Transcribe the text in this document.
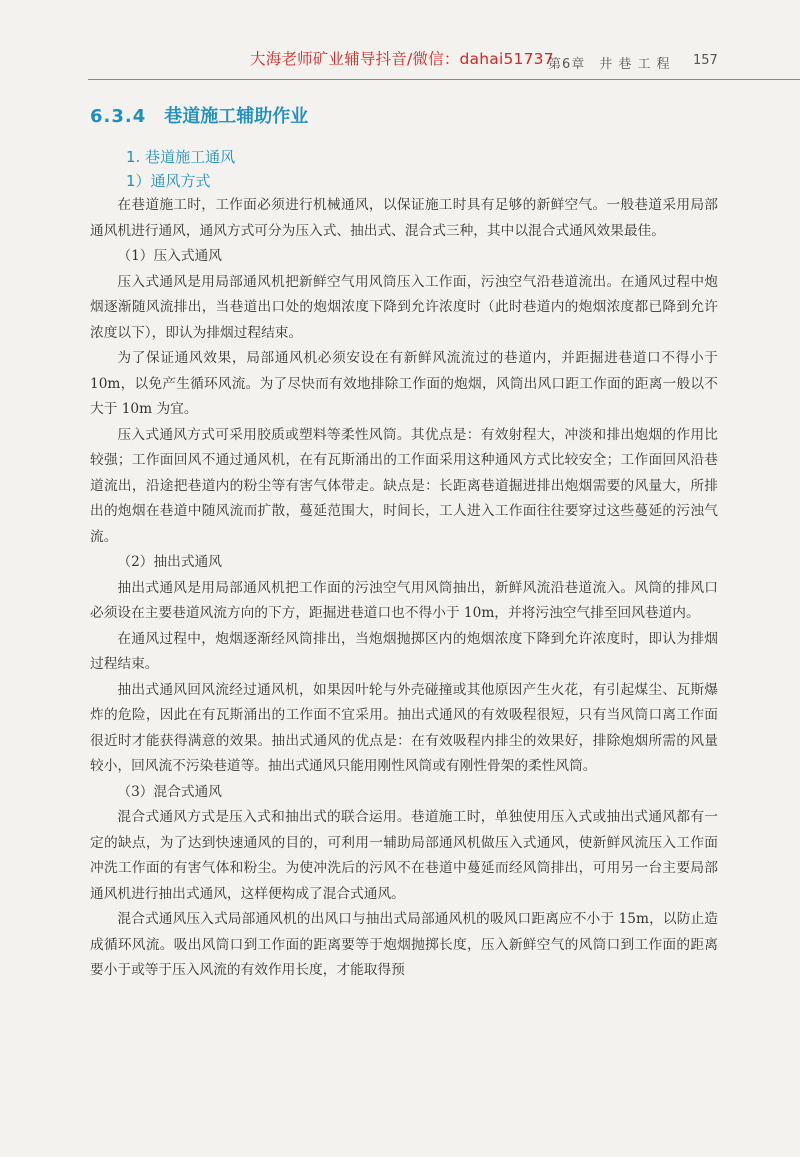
大海老师矿业辅导抖音/微信：dahai51737
第6章　井 巷 工 程 157
6.3.4 巷道施工辅助作业
1. 巷道施工通风
1）通风方式

在巷道施工时，工作面必须进行机械通风，以保证施工时具有足够的新鲜空气。一般巷道采用局部通风机进行通风，通风方式可分为压入式、抽出式、混合式三种，其中以混合式通风效果最佳。

（1）压入式通风

压入式通风是用局部通风机把新鲜空气用风筒压入工作面，污浊空气沿巷道流出。在通风过程中炮烟逐渐随风流排出，当巷道出口处的炮烟浓度下降到允许浓度时（此时巷道内的炮烟浓度都已降到允许浓度以下），即认为排烟过程结束。

为了保证通风效果，局部通风机必须安设在有新鲜风流流过的巷道内，并距掘进巷道口不得小于 10m，以免产生循环风流。为了尽快而有效地排除工作面的炮烟，风筒出风口距工作面的距离一般以不大于 10m 为宜。

压入式通风方式可采用胶质或塑料等柔性风筒。其优点是：有效射程大，冲淡和排出炮烟的作用比较强；工作面回风不通过通风机，在有瓦斯涌出的工作面采用这种通风方式比较安全；工作面回风沿巷道流出，沿途把巷道内的粉尘等有害气体带走。缺点是：长距离巷道掘进排出炮烟需要的风量大，所排出的炮烟在巷道中随风流而扩散，蔓延范围大，时间长，工人进入工作面往往要穿过这些蔓延的污浊气流。

（2）抽出式通风

抽出式通风是用局部通风机把工作面的污浊空气用风筒抽出，新鲜风流沿巷道流入。风筒的排风口必须设在主要巷道风流方向的下方，距掘进巷道口也不得小于 10m，并将污浊空气排至回风巷道内。

在通风过程中，炮烟逐渐经风筒排出，当炮烟抛掷区内的炮烟浓度下降到允许浓度时，即认为排烟过程结束。

抽出式通风回风流经过通风机，如果因叶轮与外壳碰撞或其他原因产生火花，有引起煤尘、瓦斯爆炸的危险，因此在有瓦斯涌出的工作面不宜采用。抽出式通风的有效吸程很短，只有当风筒口离工作面很近时才能获得满意的效果。抽出式通风的优点是：在有效吸程内排尘的效果好，排除炮烟所需的风量较小，回风流不污染巷道等。抽出式通风只能用刚性风筒或有刚性骨架的柔性风筒。

（3）混合式通风

混合式通风方式是压入式和抽出式的联合运用。巷道施工时，单独使用压入式或抽出式通风都有一定的缺点，为了达到快速通风的目的，可利用一辅助局部通风机做压入式通风，使新鲜风流压入工作面冲洗工作面的有害气体和粉尘。为使冲洗后的污风不在巷道中蔓延而经风筒排出，可用另一台主要局部通风机进行抽出式通风，这样便构成了混合式通风。

混合式通风压入式局部通风机的出风口与抽出式局部通风机的吸风口距离应不小于 15m，以防止造成循环风流。吸出风筒口到工作面的距离要等于炮烟抛掷长度，压入新鲜空气的风筒口到工作面的距离要小于或等于压入风流的有效作用长度，才能取得预
